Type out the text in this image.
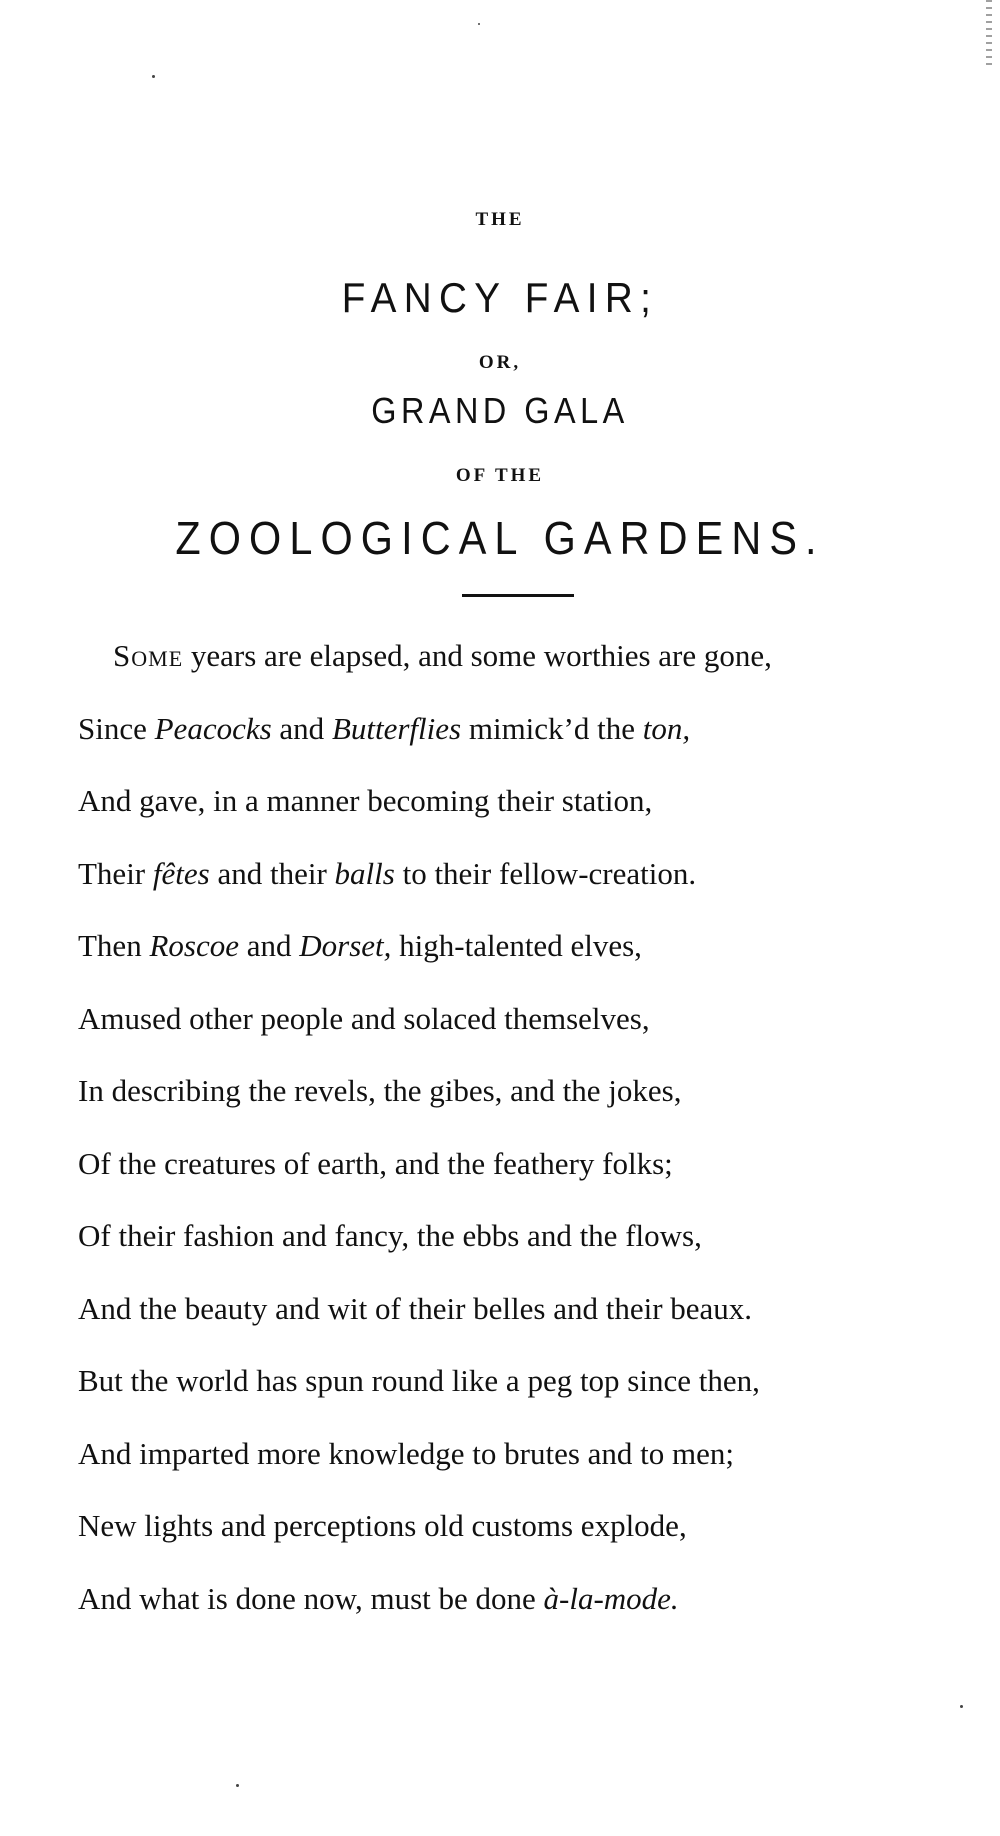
THE

FANCY FAIR;

OR,

GRAND GALA

OF THE

ZOOLOGICAL GARDENS.

Some years are elapsed, and some worthies are gone,
Since Peacocks and Butterflies mimick’d the ton,
And gave, in a manner becoming their station,
Their fêtes and their balls to their fellow-creation.
Then Roscoe and Dorset, high-talented elves,
Amused other people and solaced themselves,
In describing the revels, the gibes, and the jokes,
Of the creatures of earth, and the feathery folks;
Of their fashion and fancy, the ebbs and the flows,
And the beauty and wit of their belles and their beaux.
But the world has spun round like a peg top since then,
And imparted more knowledge to brutes and to men;
New lights and perceptions old customs explode,
And what is done now, must be done à-la-mode.
